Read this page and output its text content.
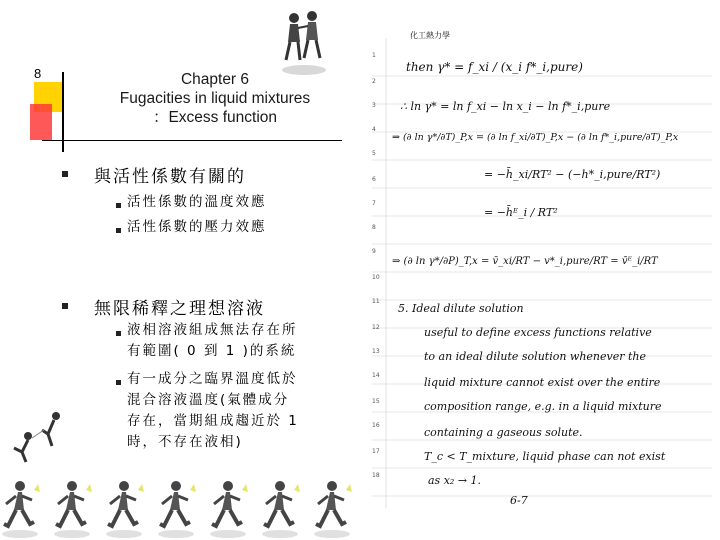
8	Chapter 6
Fugacities in liquid mixtures
：Excess function
與活性係數有關的
活性係數的溫度效應
活性係數的壓力效應
無限稀釋之理想溶液
液相溶液組成無法存在所
有範圍( 0 到 1 )的系統
有一成分之臨界溫度低於
混合溶液溫度(氣體成分
存在，當期組成趨近於 1
時，不存在液相)
化工熱力學
1
2
3
4
5
6
7
8
9
10
11
12
13
14
15
16
17
18
then γ* = f_xi / (x_i f*_i,pure)
∴ ln γ* = ln f_xi − ln x_i − ln f*_i,pure
⇒ (∂ ln γ*/∂T)_P,x = (∂ ln f_xi/∂T)_P,x − (∂ ln f*_i,pure/∂T)_P,x
= −h̄_xi/RT² − (−h*_i,pure/RT²)
= −h̄ᴱ_i / RT²
⇒ (∂ ln γ*/∂P)_T,x = v̄_xi/RT − v*_i,pure/RT = v̄ᴱ_i/RT
5. Ideal dilute solution
useful to define excess functions relative
to an ideal dilute solution whenever the
liquid mixture cannot exist over the entire
composition range, e.g. in a liquid mixture
containing a gaseous solute.
T_c < T_mixture, liquid phase can not exist
as x₂ → 1.
6-7
